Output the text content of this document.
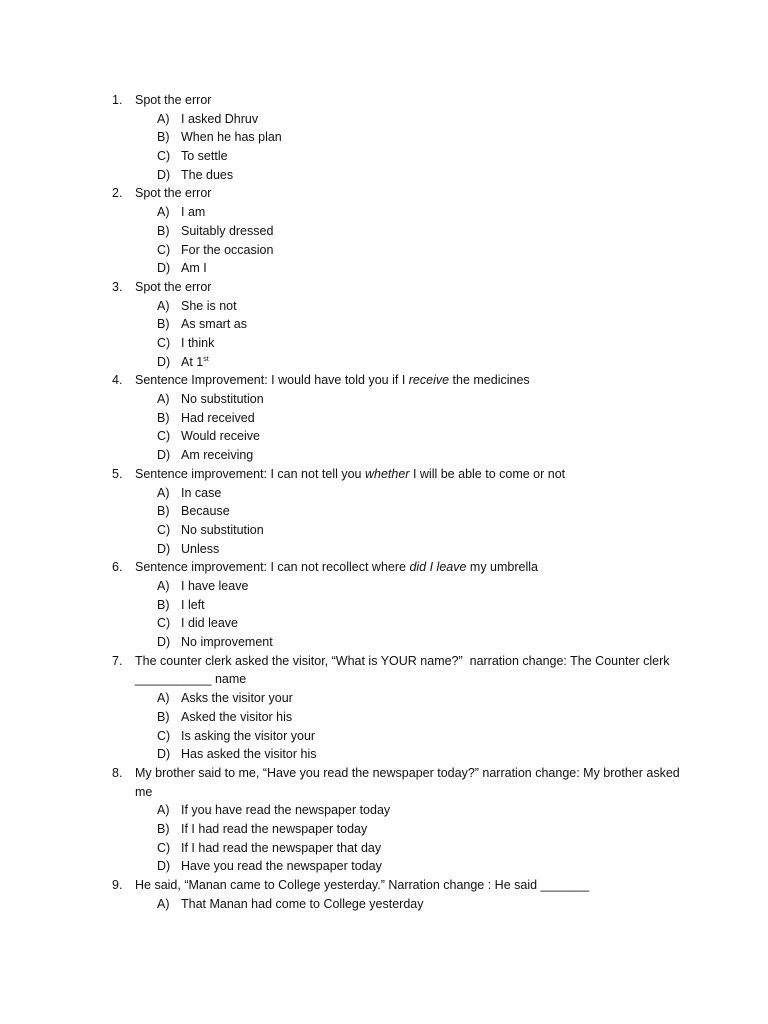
1.	Spot the error
A) I asked Dhruv
B) When he has plan
C) To settle
D) The dues
2.	Spot the error
A) I am
B) Suitably dressed
C) For the occasion
D) Am I
3.	Spot the error
A) She is not
B) As smart as
C) I think
D) At 1st
4.	Sentence Improvement: I would have told you if I receive the medicines
A) No substitution
B) Had received
C) Would receive
D) Am receiving
5.	Sentence improvement: I can not tell you whether I will be able to come or not
A) In case
B) Because
C) No substitution
D) Unless
6.	Sentence improvement: I can not recollect where did I leave my umbrella
A) I have leave
B) I left
C) I did leave
D) No improvement
7.	The counter clerk asked the visitor, “What is YOUR name?”  narration change: The Counter clerk ___________ name
A) Asks the visitor your
B) Asked the visitor his
C) Is asking the visitor your
D) Has asked the visitor his
8.	My brother said to me, “Have you read the newspaper today?” narration change: My brother asked me
A) If you have read the newspaper today
B) If I had read the newspaper today
C) If I had read the newspaper that day
D) Have you read the newspaper today
9.	He said, “Manan came to College yesterday.” Narration change : He said _______
A) That Manan had come to College yesterday
